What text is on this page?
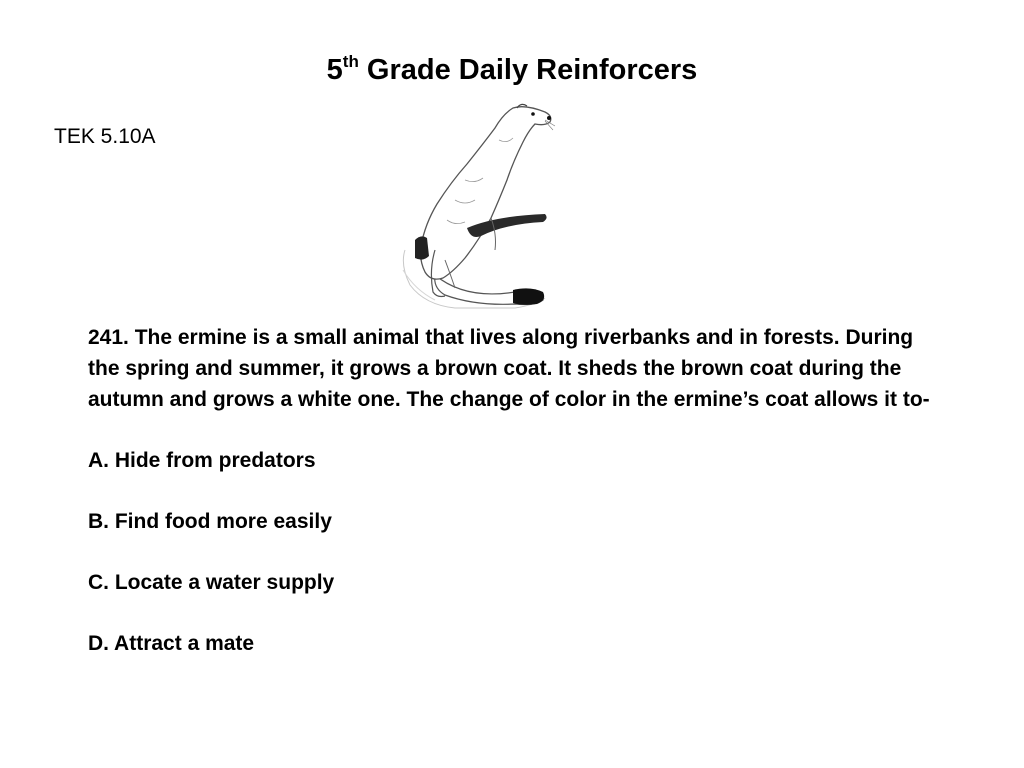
5th Grade Daily Reinforcers
TEK 5.10A

241. The ermine is a small animal that lives along riverbanks and in forests. During the spring and summer, it grows a brown coat. It sheds the brown coat during the autumn and grows a white one. The change of color in the ermine’s coat allows it to-

A. Hide from predators
B. Find food more easily
C. Locate a water supply
D. Attract a mate
